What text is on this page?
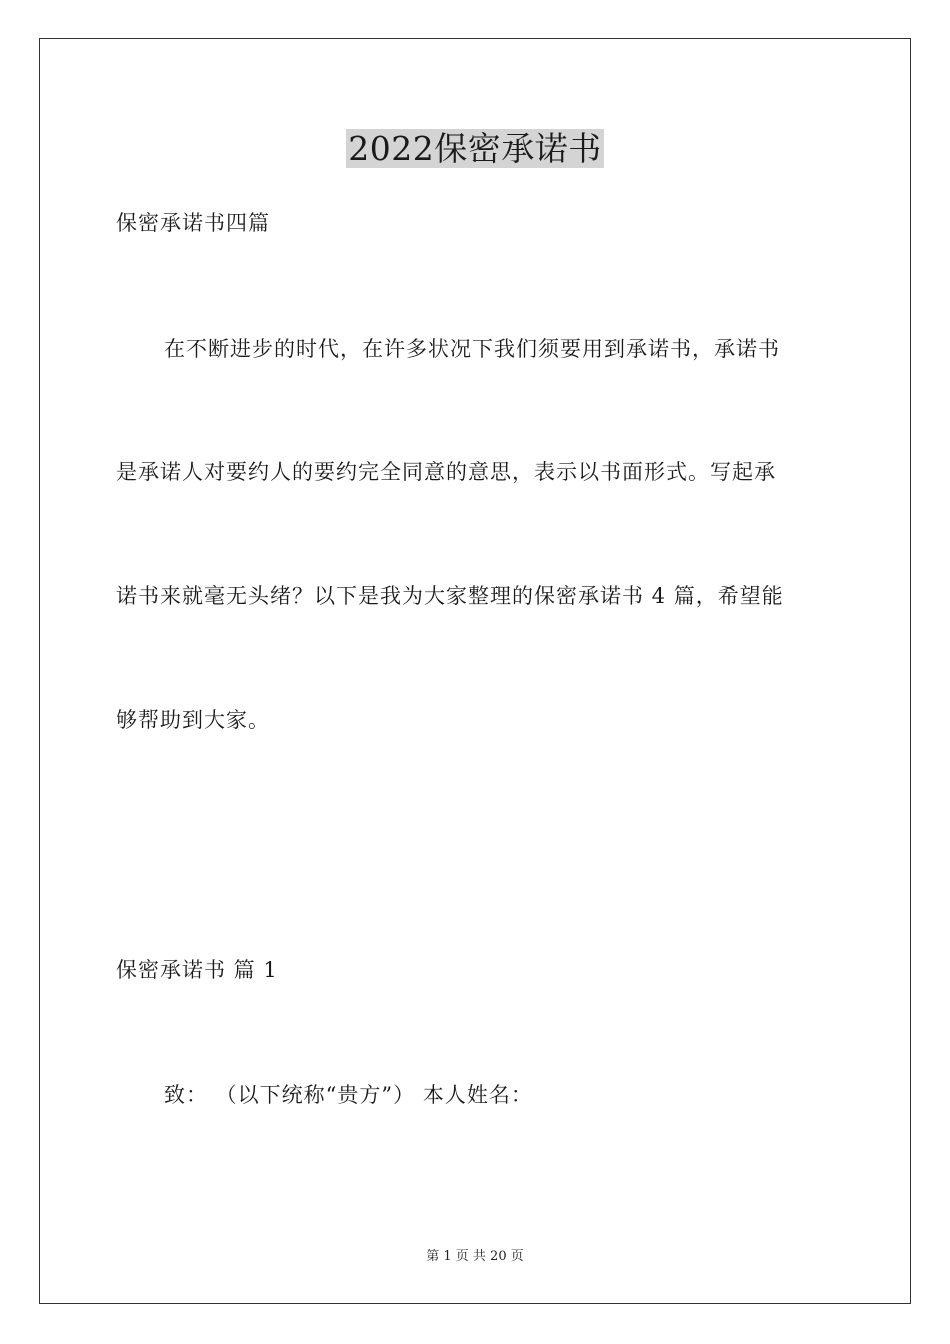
2022保密承诺书
保密承诺书四篇
在不断进步的时代，在许多状况下我们须要用到承诺书，承诺书
是承诺人对要约人的要约完全同意的意思，表示以书面形式。写起承
诺书来就毫无头绪？以下是我为大家整理的保密承诺书 4 篇，希望能
够帮助到大家。
保密承诺书 篇 1
致： （以下统称“贵方”） 本人姓名：
第 1 页 共 20 页
